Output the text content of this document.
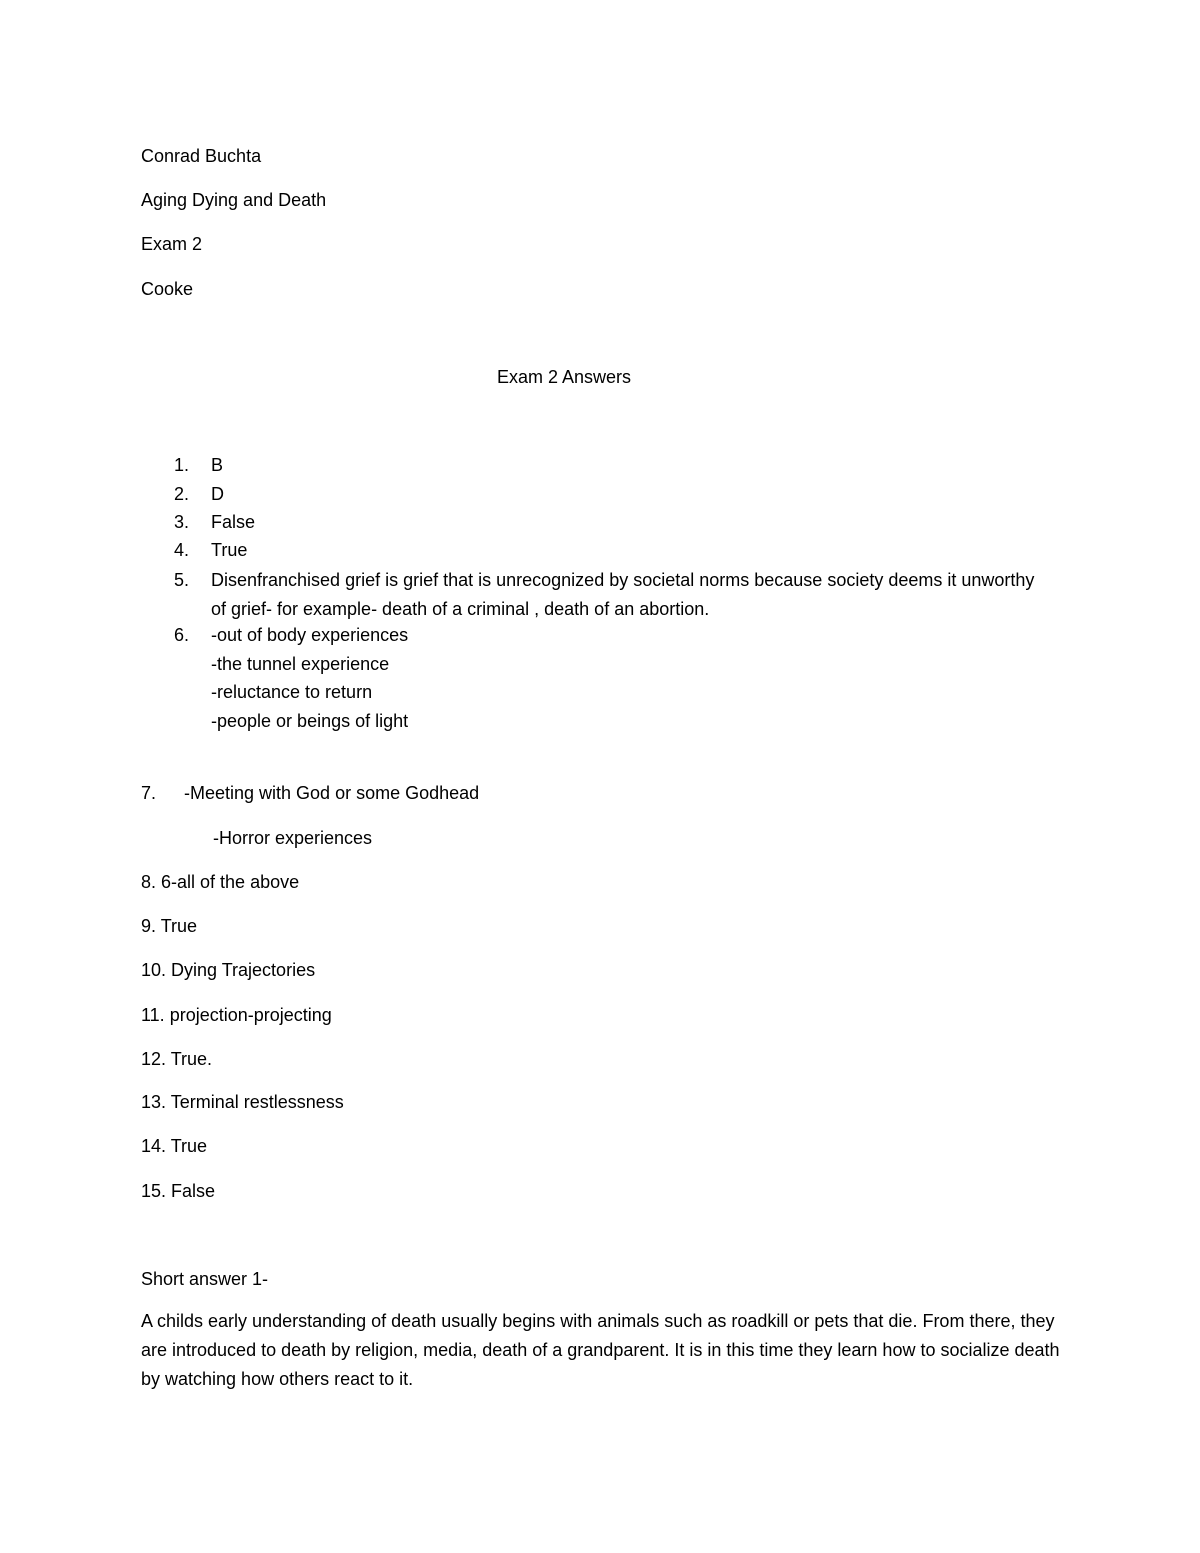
Conrad Buchta
Aging Dying and Death
Exam 2
Cooke
Exam 2 Answers
1.	B
2.	D
3.	False
4.	True
5.	Disenfranchised grief is grief that is unrecognized by societal norms because society deems it unworthy of grief- for example- death of a criminal , death of an abortion.
6.	-out of body experiences
-the tunnel experience
-reluctance to return
-people or beings of light
7. -Meeting with God or some Godhead
-Horror experiences
8. 6-all of the above
9. True
10. Dying Trajectories
11. projection-projecting
12. True.
13. Terminal restlessness
14. True
15. False
Short answer 1-
A childs early understanding of death usually begins with animals such as roadkill or pets that die. From there, they are introduced to death by religion, media, death of a grandparent. It is in this time they learn how to socialize death by watching how others react to it.
